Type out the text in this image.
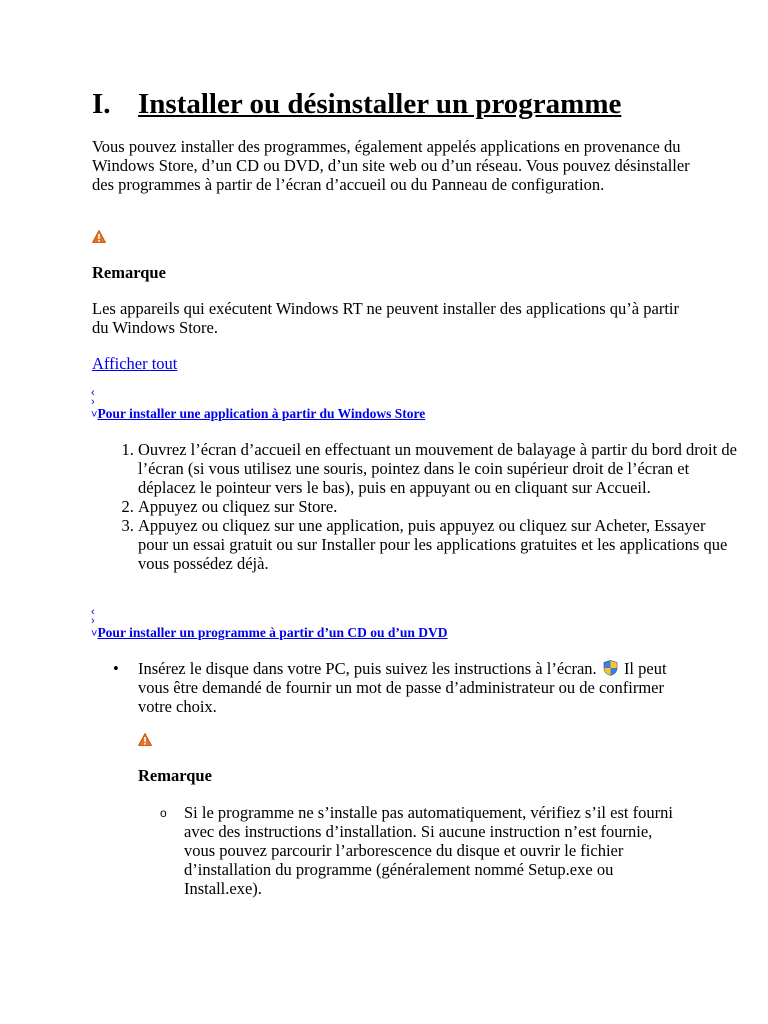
I. Installer ou désinstaller un programme
Vous pouvez installer des programmes, également appelés applications en provenance du Windows Store, d’un CD ou DVD, d’un site web ou d’un réseau. Vous pouvez désinstaller des programmes à partir de l’écran d’accueil ou du Panneau de configuration.
Remarque
Les appareils qui exécutent Windows RT ne peuvent installer des applications qu’à partir du Windows Store.
Afficher tout
‹
›
˅Pour installer une application à partir du Windows Store
1. Ouvrez l’écran d’accueil en effectuant un mouvement de balayage à partir du bord droit de l’écran (si vous utilisez une souris, pointez dans le coin supérieur droit de l’écran et déplacez le pointeur vers le bas), puis en appuyant ou en cliquant sur Accueil.
2. Appuyez ou cliquez sur Store.
3. Appuyez ou cliquez sur une application, puis appuyez ou cliquez sur Acheter, Essayer pour un essai gratuit ou sur Installer pour les applications gratuites et les applications que vous possédez déjà.
‹
›
˅Pour installer un programme à partir d’un CD ou d’un DVD
• Insérez le disque dans votre PC, puis suivez les instructions à l’écran. Il peut vous être demandé de fournir un mot de passe d’administrateur ou de confirmer votre choix.
Remarque
o Si le programme ne s’installe pas automatiquement, vérifiez s’il est fourni avec des instructions d’installation. Si aucune instruction n’est fournie, vous pouvez parcourir l’arborescence du disque et ouvrir le fichier d’installation du programme (généralement nommé Setup.exe ou Install.exe).
